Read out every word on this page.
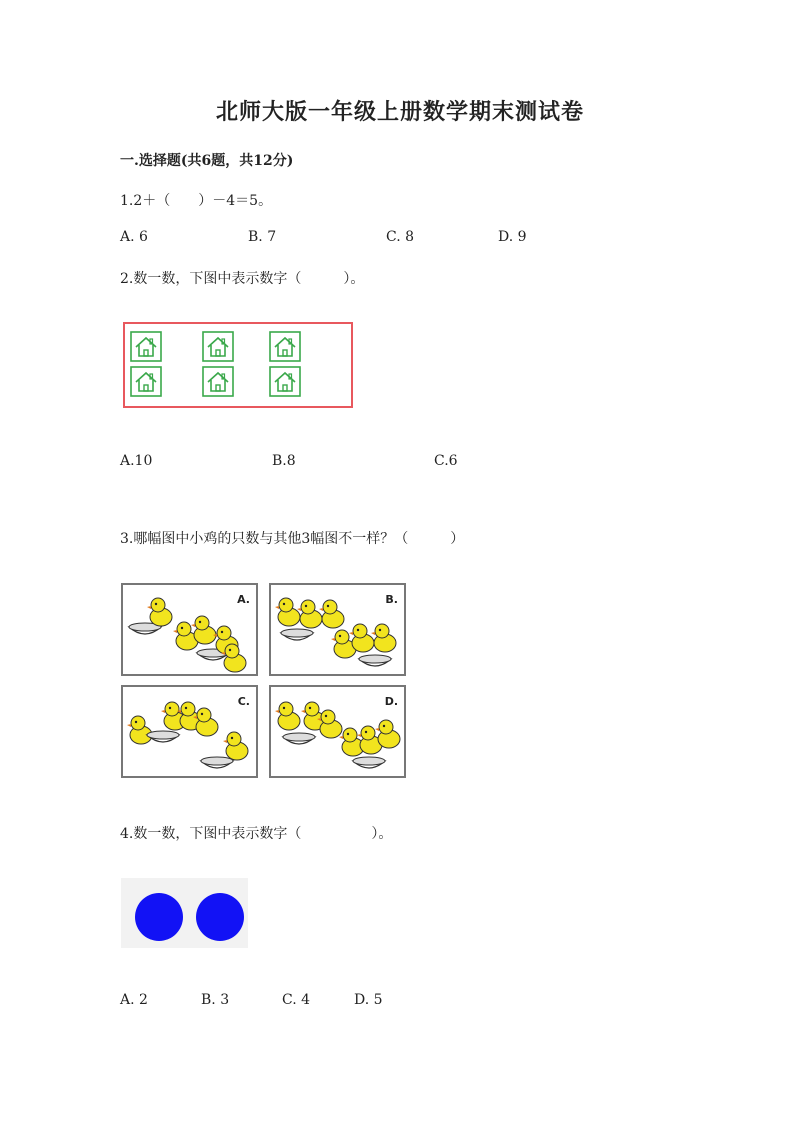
北师大版一年级上册数学期末测试卷
一.选择题(共6题，共12分)
1.2＋（　　）－4＝5。
A. 6	B. 7	C. 8	D. 9
2.数一数，下图中表示数字（　　　）。
A.10	B.8	C.6
3.哪幅图中小鸡的只数与其他3幅图不一样？（　　　）
A.	B.
C.	D.
4.数一数，下图中表示数字（　　　　　）。
A. 2	B. 3	C. 4	D. 5
